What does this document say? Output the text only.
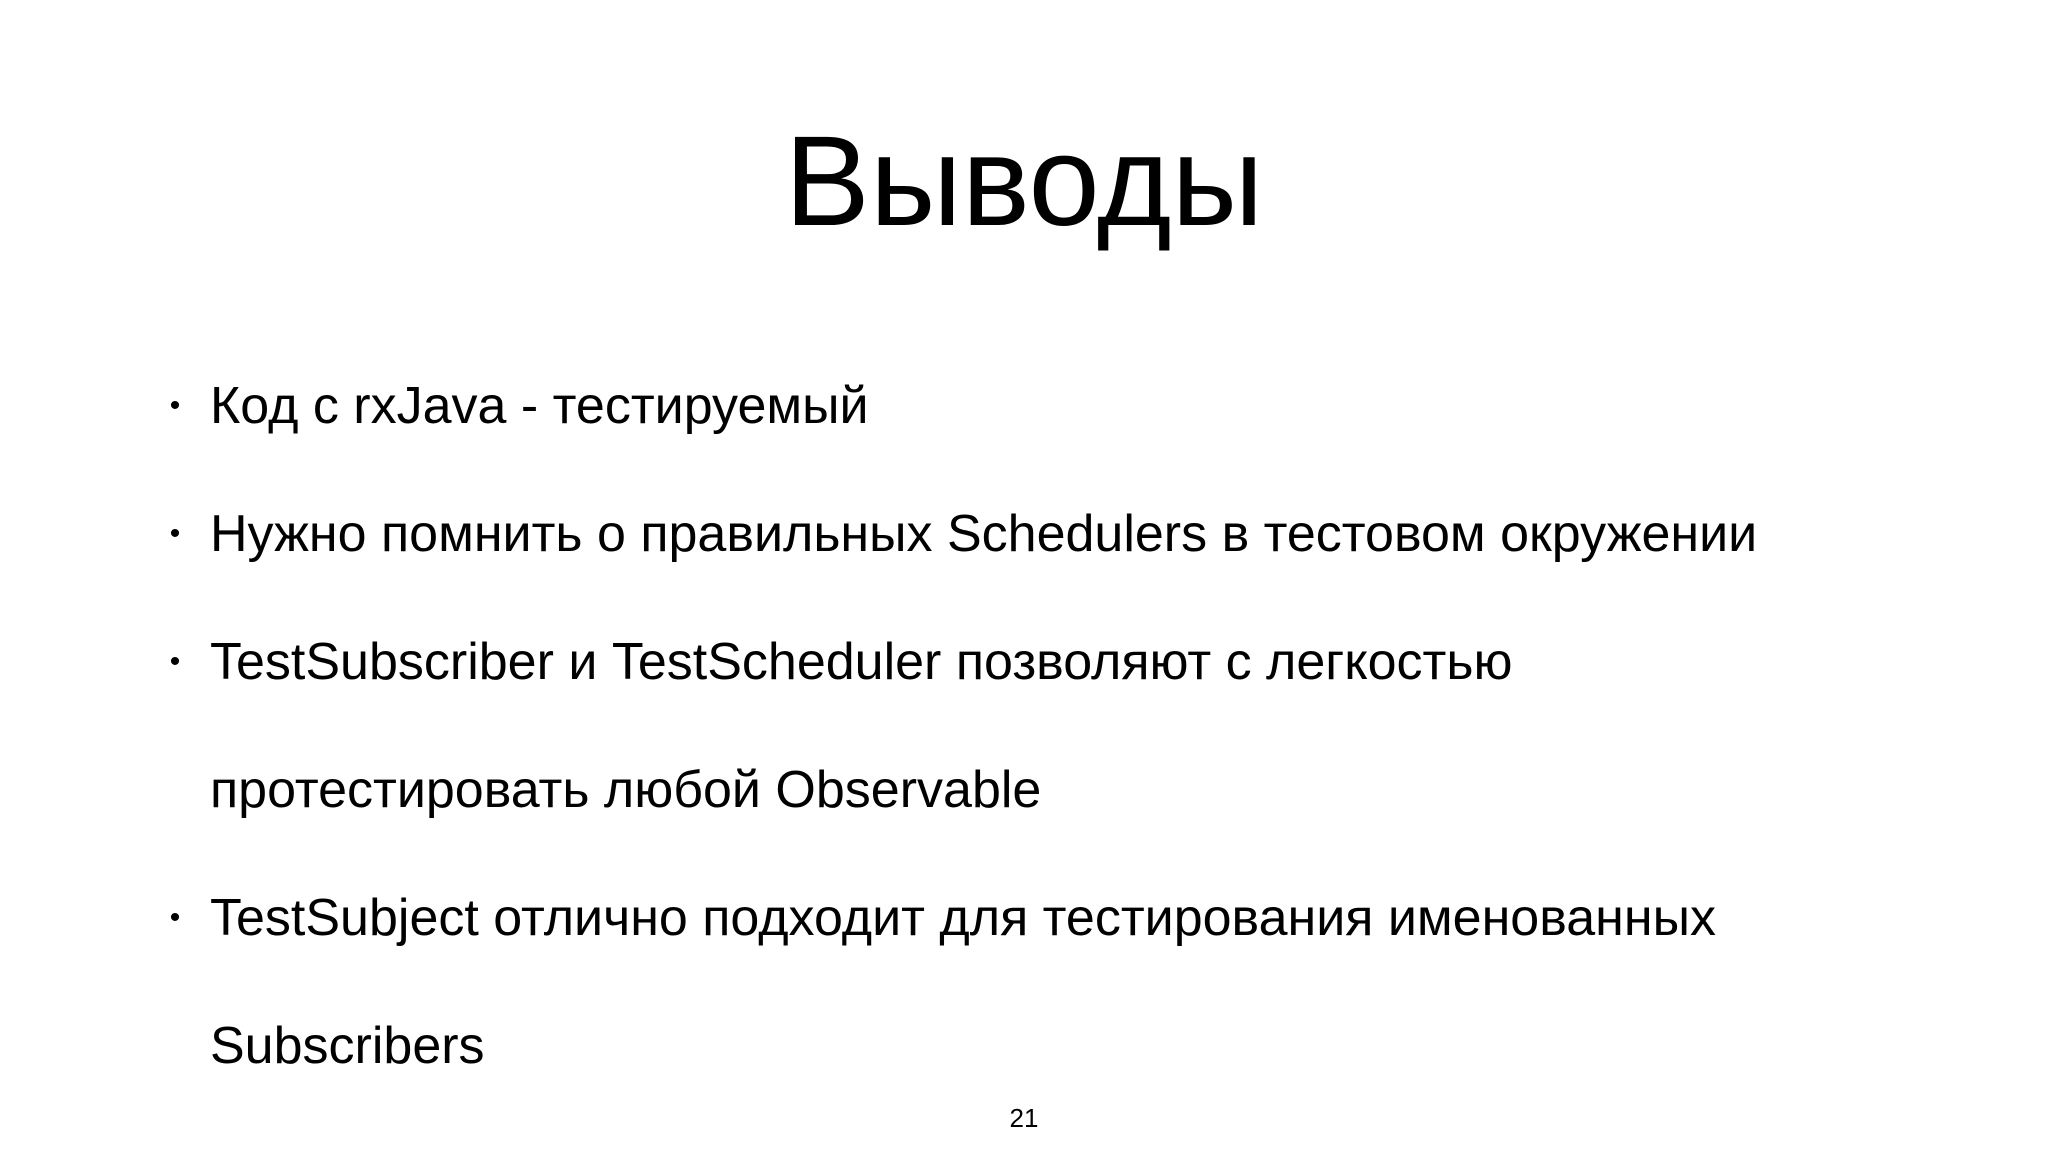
Выводы
• Код с rxJava - тестируемый
• Нужно помнить о правильных Schedulers в тестовом окружении
• TestSubscriber и TestScheduler позволяют с легкостью
протестировать любой Observable
• TestSubject отлично подходит для тестирования именованных
Subscribers
21
